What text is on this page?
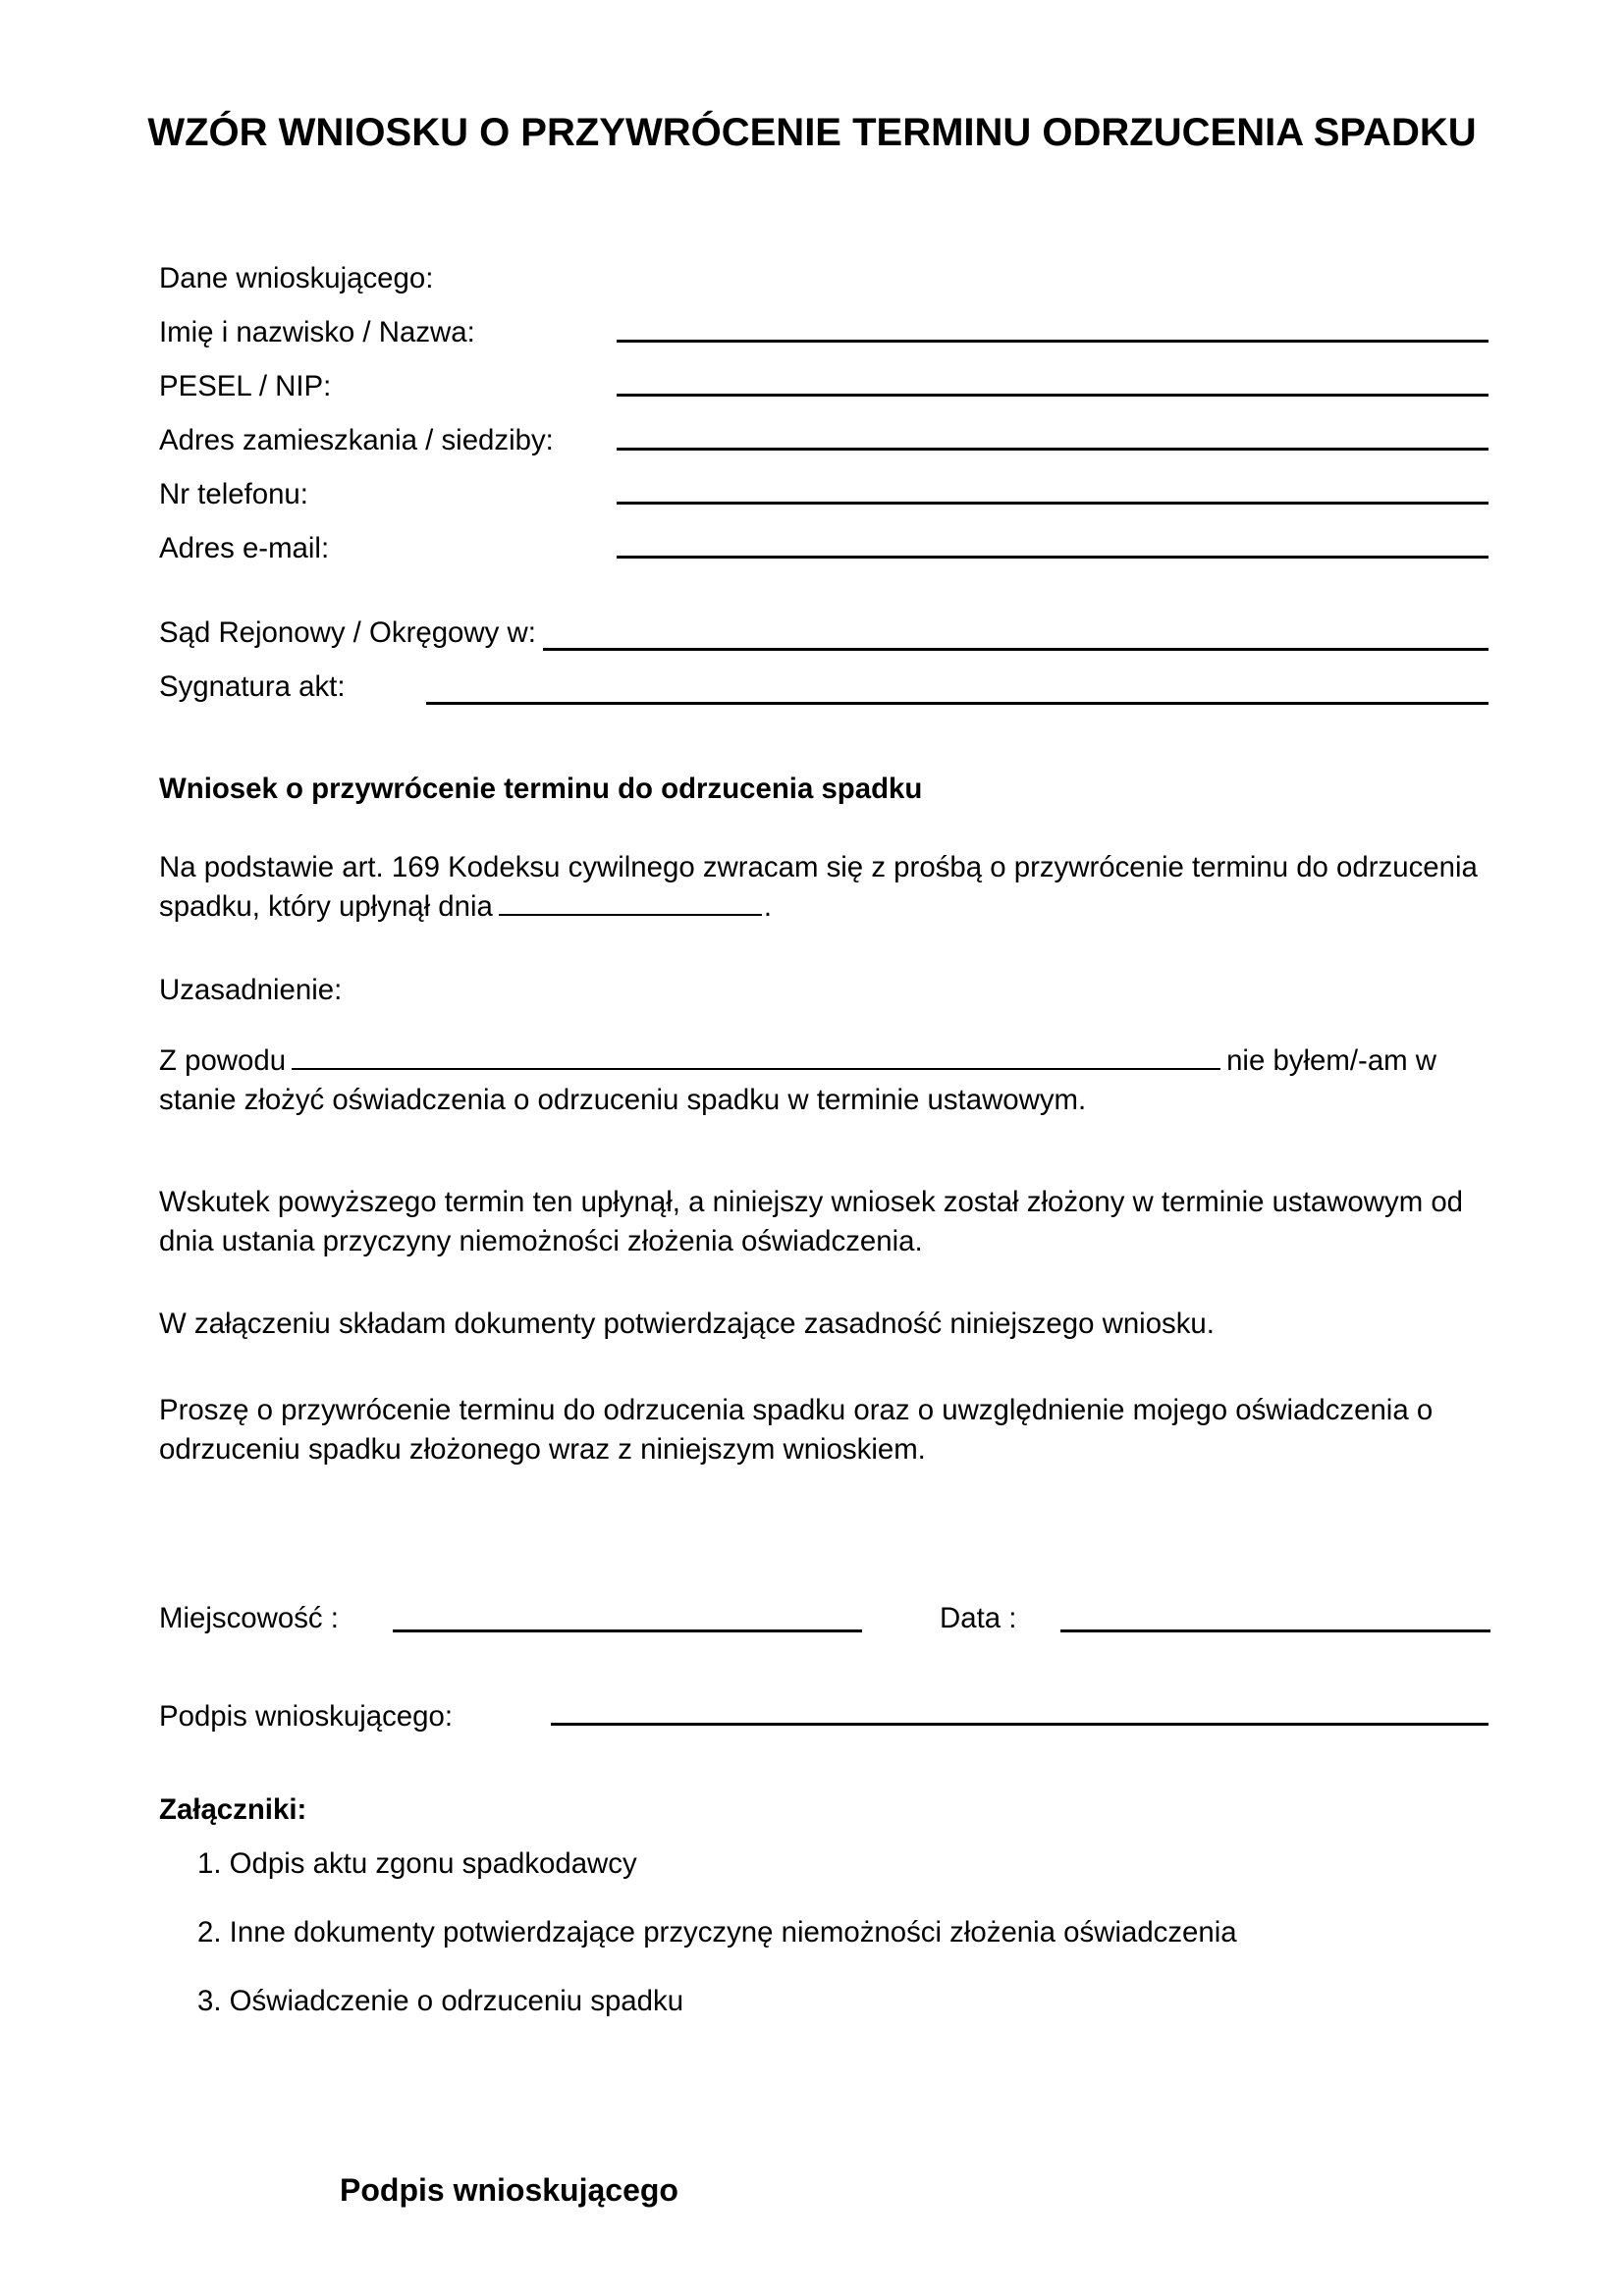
WZÓR WNIOSKU O PRZYWRÓCENIE TERMINU ODRZUCENIA SPADKU
Dane wnioskującego:
Imię i nazwisko / Nazwa:
PESEL / NIP:
Adres zamieszkania / siedziby:
Nr telefonu:
Adres e-mail:
Sąd Rejonowy / Okręgowy w:
Sygnatura akt:
Wniosek o przywrócenie terminu do odrzucenia spadku

Na podstawie art. 169 Kodeksu cywilnego zwracam się z prośbą o przywrócenie terminu do odrzucenia spadku, który upłynął dnia	.

Uzasadnienie:

Z powodu	nie byłem/-am w stanie złożyć oświadczenia o odrzuceniu spadku w terminie ustawowym.

Wskutek powyższego termin ten upłynął, a niniejszy wniosek został złożony w terminie ustawowym od dnia ustania przyczyny niemożności złożenia oświadczenia.

W załączeniu składam dokumenty potwierdzające zasadność niniejszego wniosku.

Proszę o przywrócenie terminu do odrzucenia spadku oraz o uwzględnienie mojego oświadczenia o odrzuceniu spadku złożonego wraz z niniejszym wnioskiem.

Miejscowość :	Data :
Podpis wnioskującego:
Załączniki:
1. Odpis aktu zgonu spadkodawcy
2. Inne dokumenty potwierdzające przyczynę niemożności złożenia oświadczenia
3. Oświadczenie o odrzuceniu spadku
Podpis wnioskującego
